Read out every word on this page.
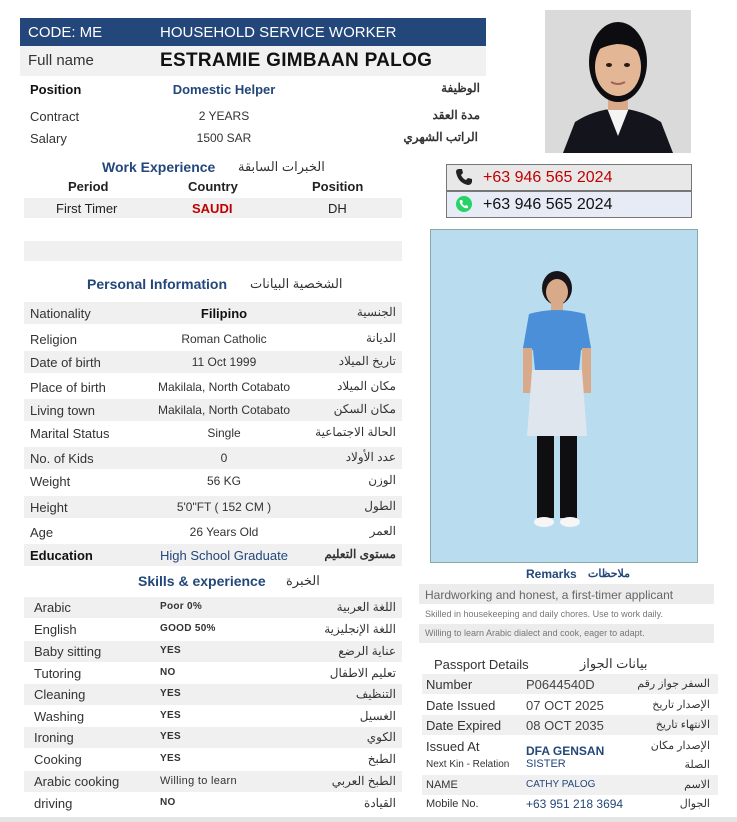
CODE: ME	HOUSEHOLD SERVICE WORKER
Full name	ESTRAMIE GIMBAAN PALOG
Position	Domestic Helper	الوظيفة
Contract	2 YEARS	مدة العقد
Salary	1500 SAR	الراتب الشهري
Work Experience الخبرات السابقة
Period	Country	Position
First Timer	SAUDI	DH
Personal Information الشخصية البيانات
Nationality	Filipino	الجنسية
Religion	Roman Catholic	الديانة
Date of birth	11 Oct 1999	تاريخ الميلاد
Place of birth	Makilala, North Cotabato	مكان الميلاد
Living town	Makilala, North Cotabato	مكان السكن
Marital Status	Single	الحالة الاجتماعية
No. of Kids	0	عدد الأولاد
Weight	56 KG	الوزن
Height	5'0"FT ( 152 CM )	الطول
Age	26 Years Old	العمر
Education	High School Graduate	مستوى التعليم
Skills & experience الخبرة
Arabic	Poor 0%	اللغة العربية
English	GOOD 50%	اللغة الإنجليزية
Baby sitting	YES	عناية الرضع
Tutoring	NO	تعليم الاطفال
Cleaning	YES	التنظيف
Washing	YES	الغسيل
Ironing	YES	الكوي
Cooking	YES	الطبخ
Arabic cooking	Willing to learn	الطبخ العربي
driving	NO	القيادة
+63 946 565 2024
+63 946 565 2024
Remarks ملاحظات
Hardworking and honest, a first-timer applicant
Skilled in housekeeping and daily chores. Use to work daily.
Willing to learn Arabic dialect and cook, eager to adapt.
Passport Details	بيانات الجواز
Number	P0644540D	السفر جواز رقم
Date Issued 07 OCT 2025	الإصدار تاريخ
Date Expired 08 OCT 2035	الانتهاء تاريخ
Issued At	DFA GENSAN	الإصدار مكان
Next Kin - Relation SISTER	الصلة
NAME	CATHY PALOG	الاسم
Mobile No.	+63 951 218 3694	الجوال
